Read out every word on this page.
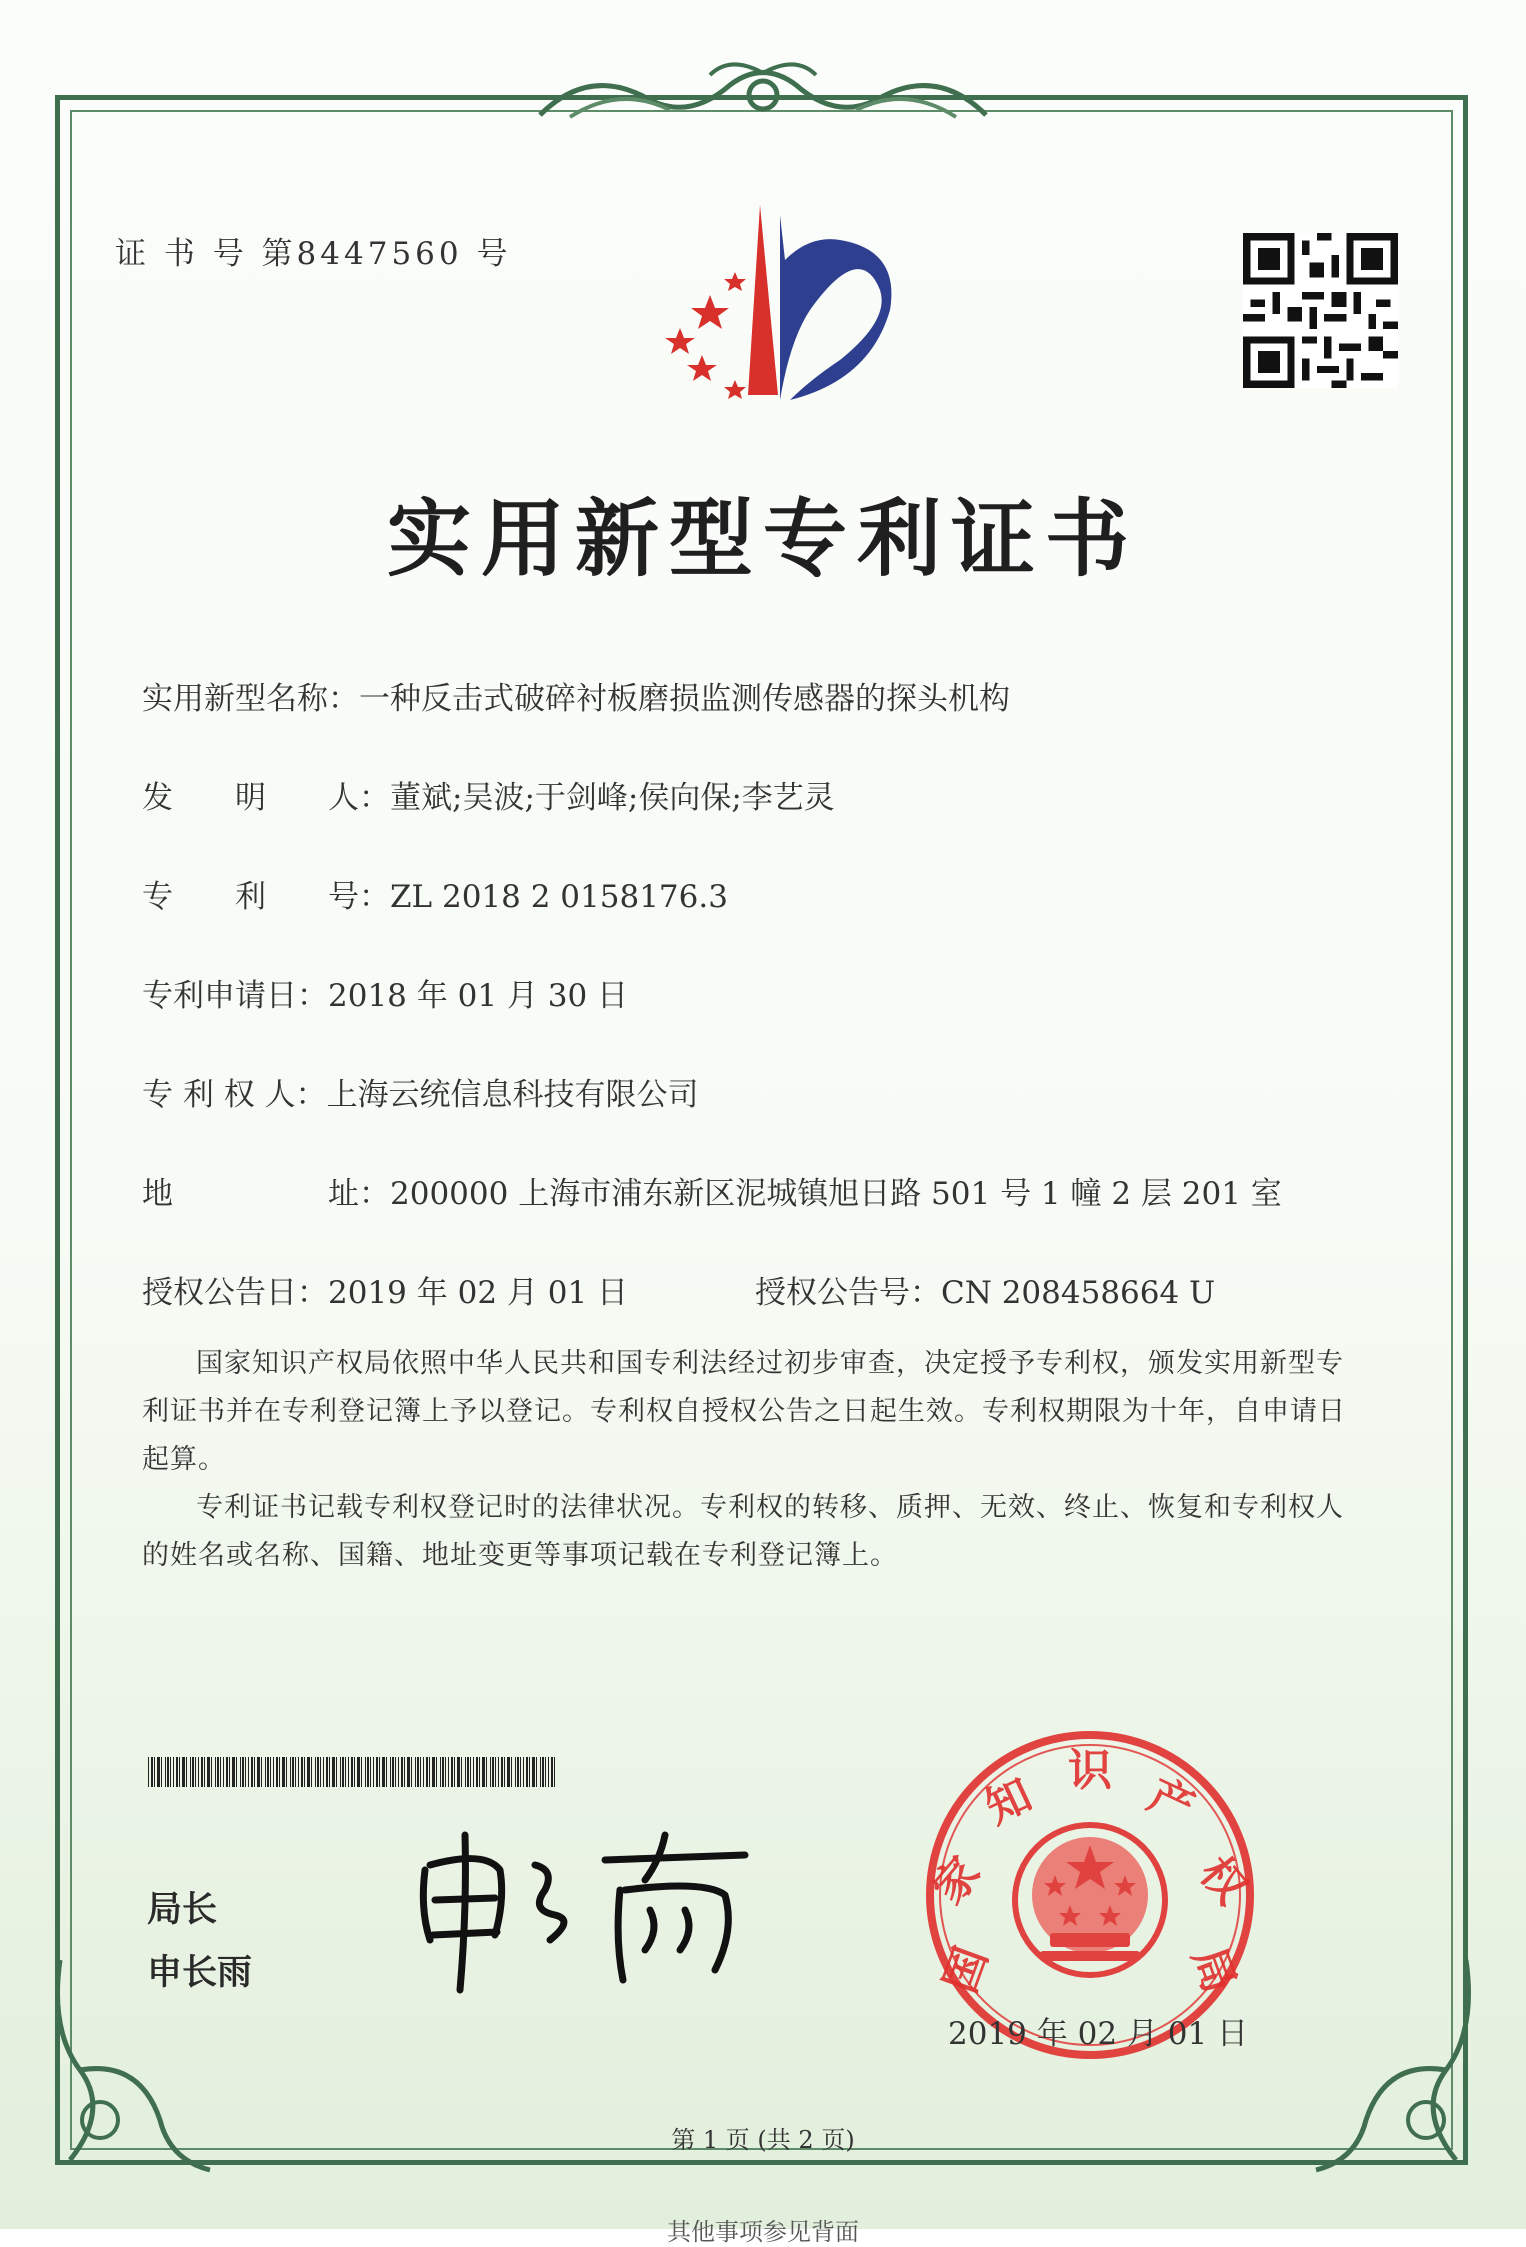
证 书 号 第8447560 号
实用新型专利证书
实用新型名称：一种反击式破碎衬板磨损监测传感器的探头机构
发　　明　　人：董斌;吴波;于剑峰;侯向保;李艺灵
专　　利　　号：ZL 2018 2 0158176.3
专利申请日：2018 年 01 月 30 日
专 利 权 人：上海云统信息科技有限公司
地　　　　　址：200000 上海市浦东新区泥城镇旭日路 501 号 1 幢 2 层 201 室
授权公告日：2019 年 02 月 01 日	授权公告号：CN 208458664 U
国家知识产权局依照中华人民共和国专利法经过初步审查，决定授予专利权，颁发实用新型专利证书并在专利登记簿上予以登记。专利权自授权公告之日起生效。专利权期限为十年，自申请日起算。
专利证书记载专利权登记时的法律状况。专利权的转移、质押、无效、终止、恢复和专利权人的姓名或名称、国籍、地址变更等事项记载在专利登记簿上。
局长
申长雨	国
家
知 识 产
权
局
2019 年 02 月 01 日
第 1 页 (共 2 页)
其他事项参见背面
